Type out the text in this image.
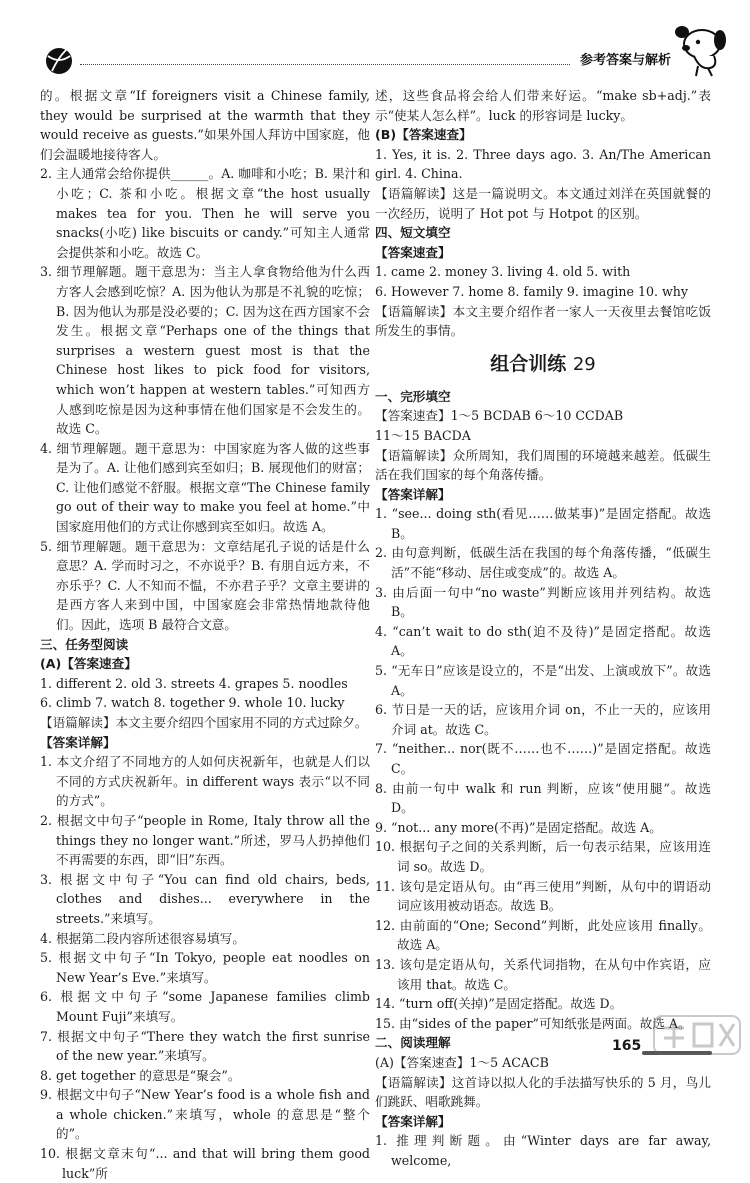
参考答案与解析

的。根据文章“If foreigners visit a Chinese family, they would be surprised at the warmth that they would receive as guests.”如果外国人拜访中国家庭，他们会温暖地接待客人。

2. 主人通常会给你提供______。A. 咖啡和小吃；B. 果汁和小吃；C. 茶和小吃。根据文章“the host usually makes tea for you. Then he will serve you snacks(小吃) like biscuits or candy.”可知主人通常会提供茶和小吃。故选 C。

3. 细节理解题。题干意思为：当主人拿食物给他为什么西方客人会感到吃惊？A. 因为他认为那是不礼貌的吃惊；B. 因为他认为那是没必要的；C. 因为这在西方国家不会发生。根据文章“Perhaps one of the things that surprises a western guest most is that the Chinese host likes to pick food for visitors, which won’t happen at western tables.”可知西方人感到吃惊是因为这种事情在他们国家是不会发生的。故选 C。

4. 细节理解题。题干意思为：中国家庭为客人做的这些事是为了。A. 让他们感到宾至如归；B. 展现他们的财富；C. 让他们感觉不舒服。根据文章“The Chinese family go out of their way to make you feel at home.”中国家庭用他们的方式让你感到宾至如归。故选 A。

5. 细节理解题。题干意思为：文章结尾孔子说的话是什么意思？A. 学而时习之，不亦说乎？B. 有朋自远方来，不亦乐乎？C. 人不知而不愠，不亦君子乎？文章主要讲的是西方客人来到中国，中国家庭会非常热情地款待他们。因此，选项 B 最符合文意。

三、任务型阅读

(A)【答案速查】

1. different 2. old 3. streets 4. grapes 5. noodles

6. climb 7. watch 8. together 9. whole 10. lucky

【语篇解读】本文主要介绍四个国家用不同的方式过除夕。

【答案详解】

1. 本文介绍了不同地方的人如何庆祝新年，也就是人们以不同的方式庆祝新年。in different ways 表示“以不同的方式”。

2. 根据文中句子“people in Rome, Italy throw all the things they no longer want.”所述，罗马人扔掉他们不再需要的东西，即“旧”东西。

3. 根据文中句子“You can find old chairs, beds, clothes and dishes... everywhere in the streets.”来填写。

4. 根据第二段内容所述很容易填写。

5. 根据文中句子“In Tokyo, people eat noodles on New Year’s Eve.”来填写。

6. 根据文中句子“some Japanese families climb Mount Fuji”来填写。

7. 根据文中句子“There they watch the first sunrise of the new year.”来填写。

8. get together 的意思是“聚会”。

9. 根据文中句子“New Year’s food is a whole fish and a whole chicken.”来填写，whole 的意思是“整个的”。

10. 根据文章末句“... and that will bring them good luck”所

述，这些食品将会给人们带来好运。“make sb+adj.”表示“使某人怎么样”。luck 的形容词是 lucky。

(B)【答案速查】

1. Yes, it is. 2. Three days ago. 3. An/The American girl. 4. China.

【语篇解读】这是一篇说明文。本文通过刘洋在英国就餐的一次经历，说明了 Hot pot 与 Hotpot 的区别。

四、短文填空

【答案速查】

1. came 2. money 3. living 4. old 5. with

6. However 7. home 8. family 9. imagine 10. why

【语篇解读】本文主要介绍作者一家人一天夜里去餐馆吃饭所发生的事情。

组合训练 29

一、完形填空

【答案速查】1～5 BCDAB 6～10 CCDAB

11～15 BACDA

【语篇解读】众所周知，我们周围的环境越来越差。低碳生活在我们国家的每个角落传播。

【答案详解】

1. “see... doing sth(看见……做某事)”是固定搭配。故选 B。

2. 由句意判断，低碳生活在我国的每个角落传播，“低碳生活”不能“移动、居住或变成”的。故选 A。

3. 由后面一句中“no waste”判断应该用并列结构。故选 B。

4. “can’t wait to do sth(迫不及待)”是固定搭配。故选 A。

5. “无车日”应该是设立的，不是“出发、上演或放下”。故选 A。

6. 节日是一天的话，应该用介词 on，不止一天的，应该用介词 at。故选 C。

7. “neither... nor(既不……也不……)”是固定搭配。故选 C。

8. 由前一句中 walk 和 run 判断，应该“使用腿”。故选 D。

9. “not... any more(不再)”是固定搭配。故选 A。

10. 根据句子之间的关系判断，后一句表示结果，应该用连词 so。故选 D。

11. 该句是定语从句。由“再三使用”判断，从句中的谓语动词应该用被动语态。故选 B。

12. 由前面的“One; Second”判断，此处应该用 finally。故选 A。

13. 该句是定语从句，关系代词指物，在从句中作宾语，应该用 that。故选 C。

14. “turn off(关掉)”是固定搭配。故选 D。

15. 由“sides of the paper”可知纸张是两面。故选 A。

二、阅读理解

(A)【答案速查】1～5 ACACB

【语篇解读】这首诗以拟人化的手法描写快乐的 5 月，鸟儿们跳跃、唱歌跳舞。

【答案详解】

1. 推理判断题。由“Winter days are far away, welcome,

165
